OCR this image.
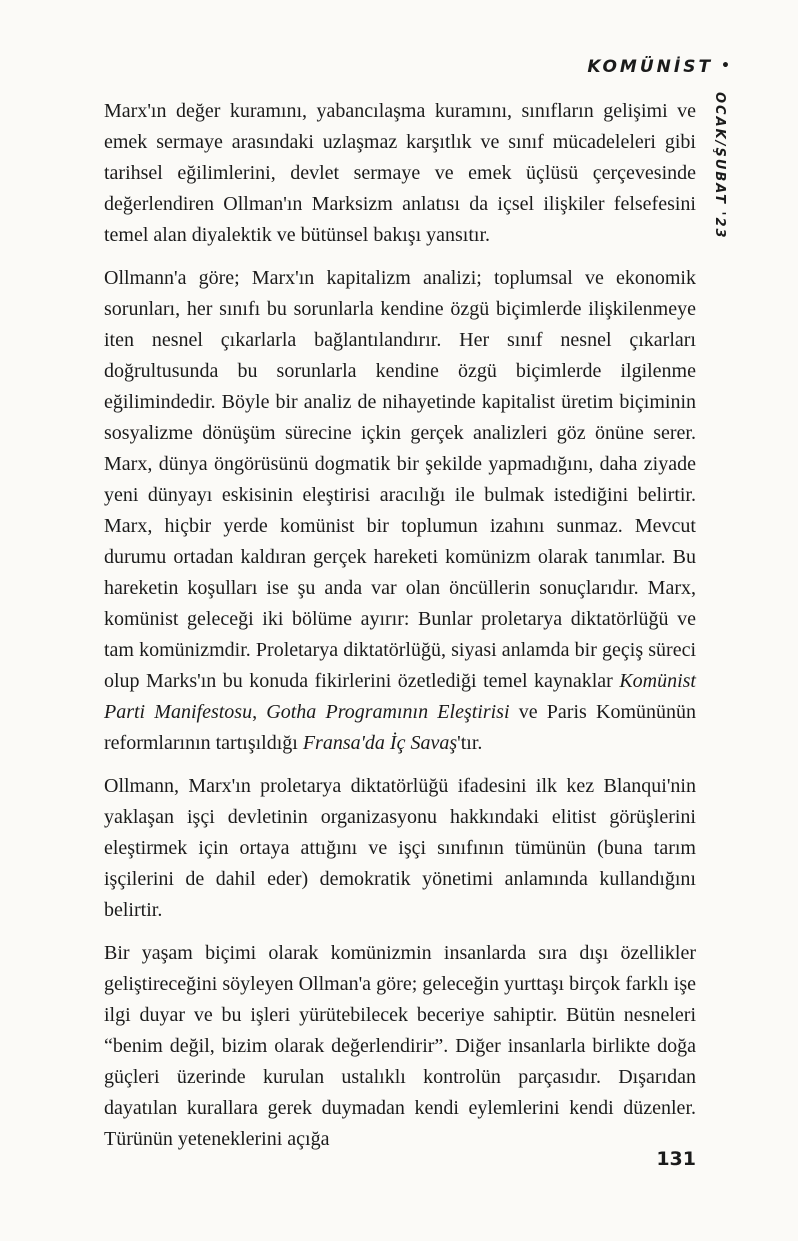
KOMÜNİST •
OCAK/ŞUBAT '23

Marx'ın değer kuramını, yabancılaşma kuramını, sınıfların gelişimi ve emek sermaye arasındaki uzlaşmaz karşıtlık ve sınıf mücadeleleri gibi tarihsel eğilimlerini, devlet sermaye ve emek üçlüsü çerçevesinde değerlendiren Ollman'ın Marksizm anlatısı da içsel ilişkiler felsefesini temel alan diyalektik ve bütünsel bakışı yansıtır.

Ollmann'a göre; Marx'ın kapitalizm analizi; toplumsal ve ekonomik sorunları, her sınıfı bu sorunlarla kendine özgü biçimlerde ilişkilenmeye iten nesnel çıkarlarla bağlantılandırır. Her sınıf nesnel çıkarları doğrultusunda bu sorunlarla kendine özgü biçimlerde ilgilenme eğilimindedir. Böyle bir analiz de nihayetinde kapitalist üretim biçiminin sosyalizme dönüşüm sürecine içkin gerçek analizleri göz önüne serer. Marx, dünya öngörüsünü dogmatik bir şekilde yapmadığını, daha ziyade yeni dünyayı eskisinin eleştirisi aracılığı ile bulmak istediğini belirtir. Marx, hiçbir yerde komünist bir toplumun izahını sunmaz. Mevcut durumu ortadan kaldıran gerçek hareketi komünizm olarak tanımlar. Bu hareketin koşulları ise şu anda var olan öncüllerin sonuçlarıdır. Marx, komünist geleceği iki bölüme ayırır: Bunlar proletarya diktatörlüğü ve tam komünizmdir. Proletarya diktatörlüğü, siyasi anlamda bir geçiş süreci olup Marks'ın bu konuda fikirlerini özetlediği temel kaynaklar Komünist Parti Manifestosu, Gotha Programının Eleştirisi ve Paris Komününün reformlarının tartışıldığı Fransa'da İç Savaş'tır.

Ollmann, Marx'ın proletarya diktatörlüğü ifadesini ilk kez Blanqui'nin yaklaşan işçi devletinin organizasyonu hakkındaki elitist görüşlerini eleştirmek için ortaya attığını ve işçi sınıfının tümünün (buna tarım işçilerini de dahil eder) demokratik yönetimi anlamında kullandığını belirtir.

Bir yaşam biçimi olarak komünizmin insanlarda sıra dışı özellikler geliştireceğini söyleyen Ollman'a göre; geleceğin yurttaşı birçok farklı işe ilgi duyar ve bu işleri yürütebilecek beceriye sahiptir. Bütün nesneleri “benim değil, bizim olarak değerlendirir”. Diğer insanlarla birlikte doğa güçleri üzerinde kurulan ustalıklı kontrolün parçasıdır. Dışarıdan dayatılan kurallara gerek duymadan kendi eylemlerini kendi düzenler. Türünün yeteneklerini açığa

131
